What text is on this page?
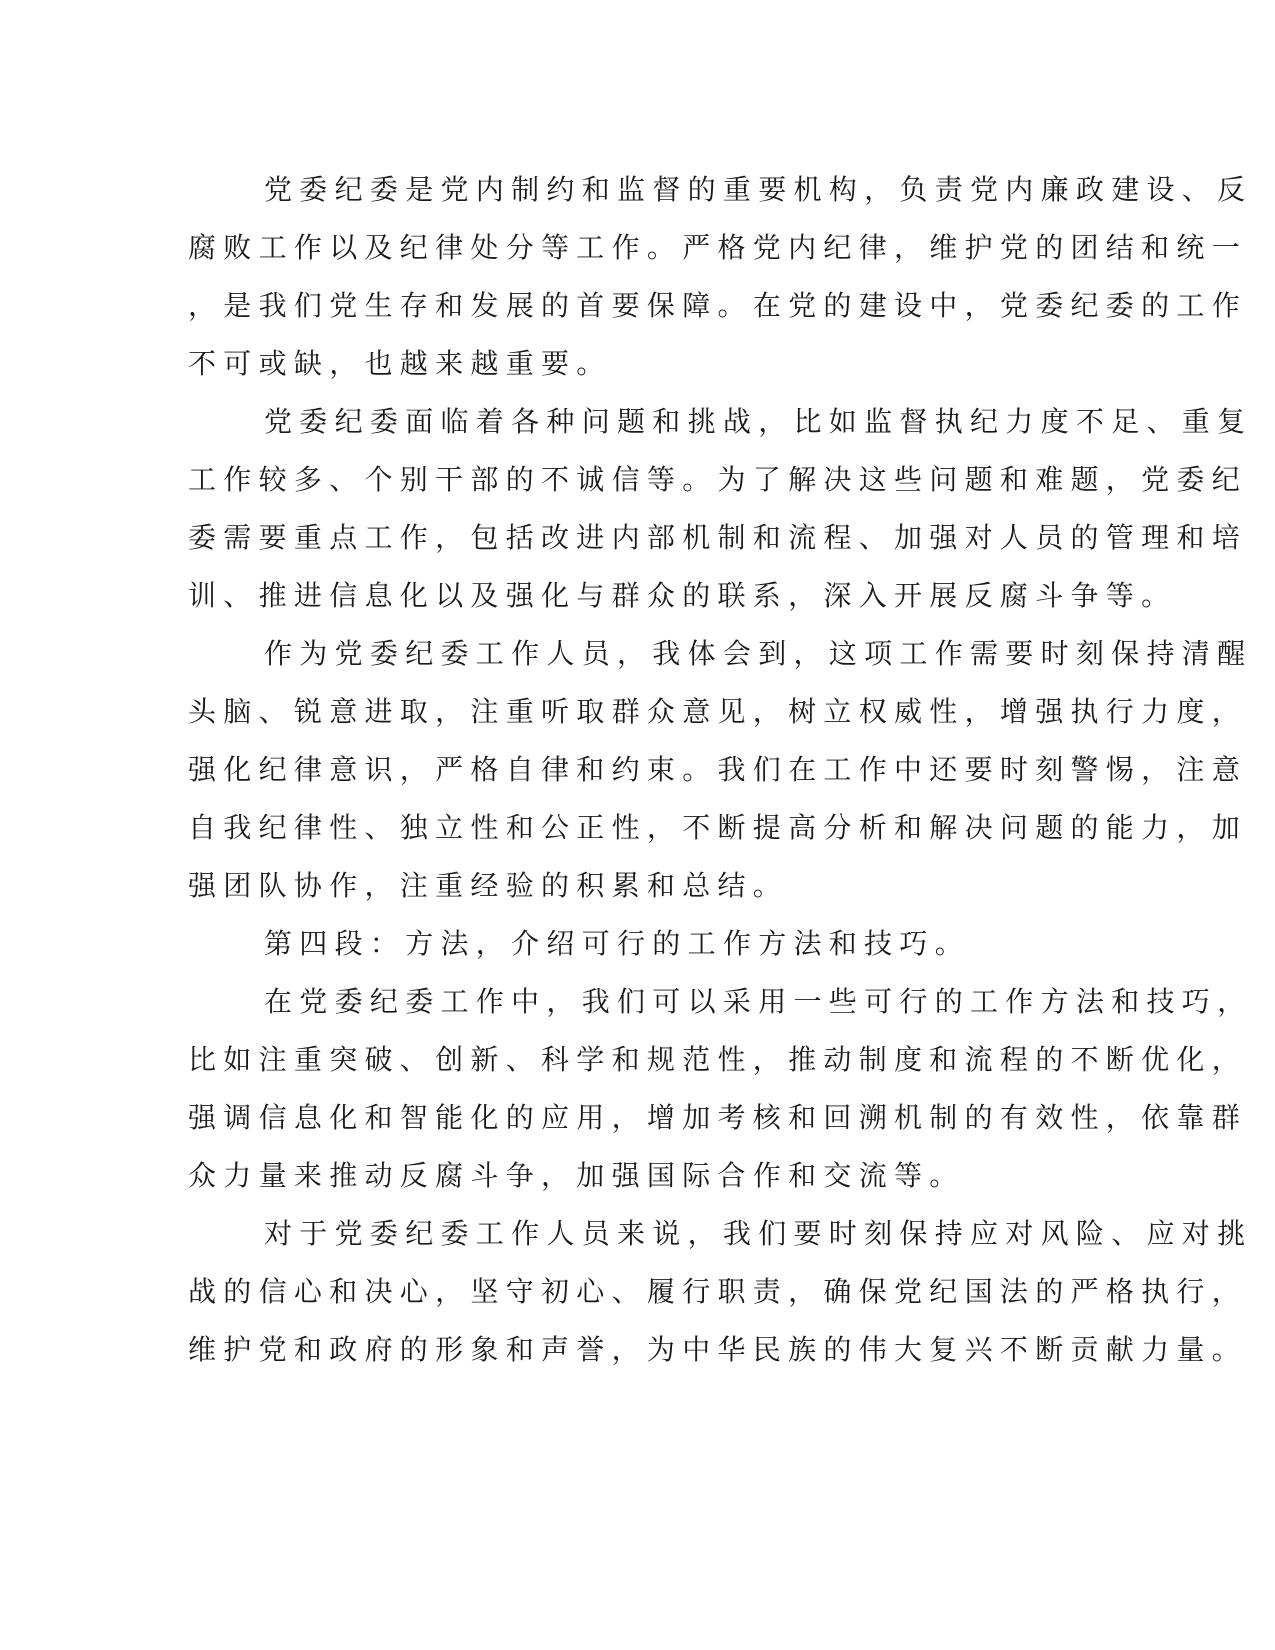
党委纪委是党内制约和监督的重要机构，负责党内廉政建设、反
腐败工作以及纪律处分等工作。严格党内纪律，维护党的团结和统一
，是我们党生存和发展的首要保障。在党的建设中，党委纪委的工作
不可或缺，也越来越重要。
党委纪委面临着各种问题和挑战，比如监督执纪力度不足、重复
工作较多、个别干部的不诚信等。为了解决这些问题和难题，党委纪
委需要重点工作，包括改进内部机制和流程、加强对人员的管理和培
训、推进信息化以及强化与群众的联系，深入开展反腐斗争等。
作为党委纪委工作人员，我体会到，这项工作需要时刻保持清醒
头脑、锐意进取，注重听取群众意见，树立权威性，增强执行力度，
强化纪律意识，严格自律和约束。我们在工作中还要时刻警惕，注意
自我纪律性、独立性和公正性，不断提高分析和解决问题的能力，加
强团队协作，注重经验的积累和总结。
第四段：方法，介绍可行的工作方法和技巧。
在党委纪委工作中，我们可以采用一些可行的工作方法和技巧，
比如注重突破、创新、科学和规范性，推动制度和流程的不断优化，
强调信息化和智能化的应用，增加考核和回溯机制的有效性，依靠群
众力量来推动反腐斗争，加强国际合作和交流等。
对于党委纪委工作人员来说，我们要时刻保持应对风险、应对挑
战的信心和决心，坚守初心、履行职责，确保党纪国法的严格执行，
维护党和政府的形象和声誉，为中华民族的伟大复兴不断贡献力量。
